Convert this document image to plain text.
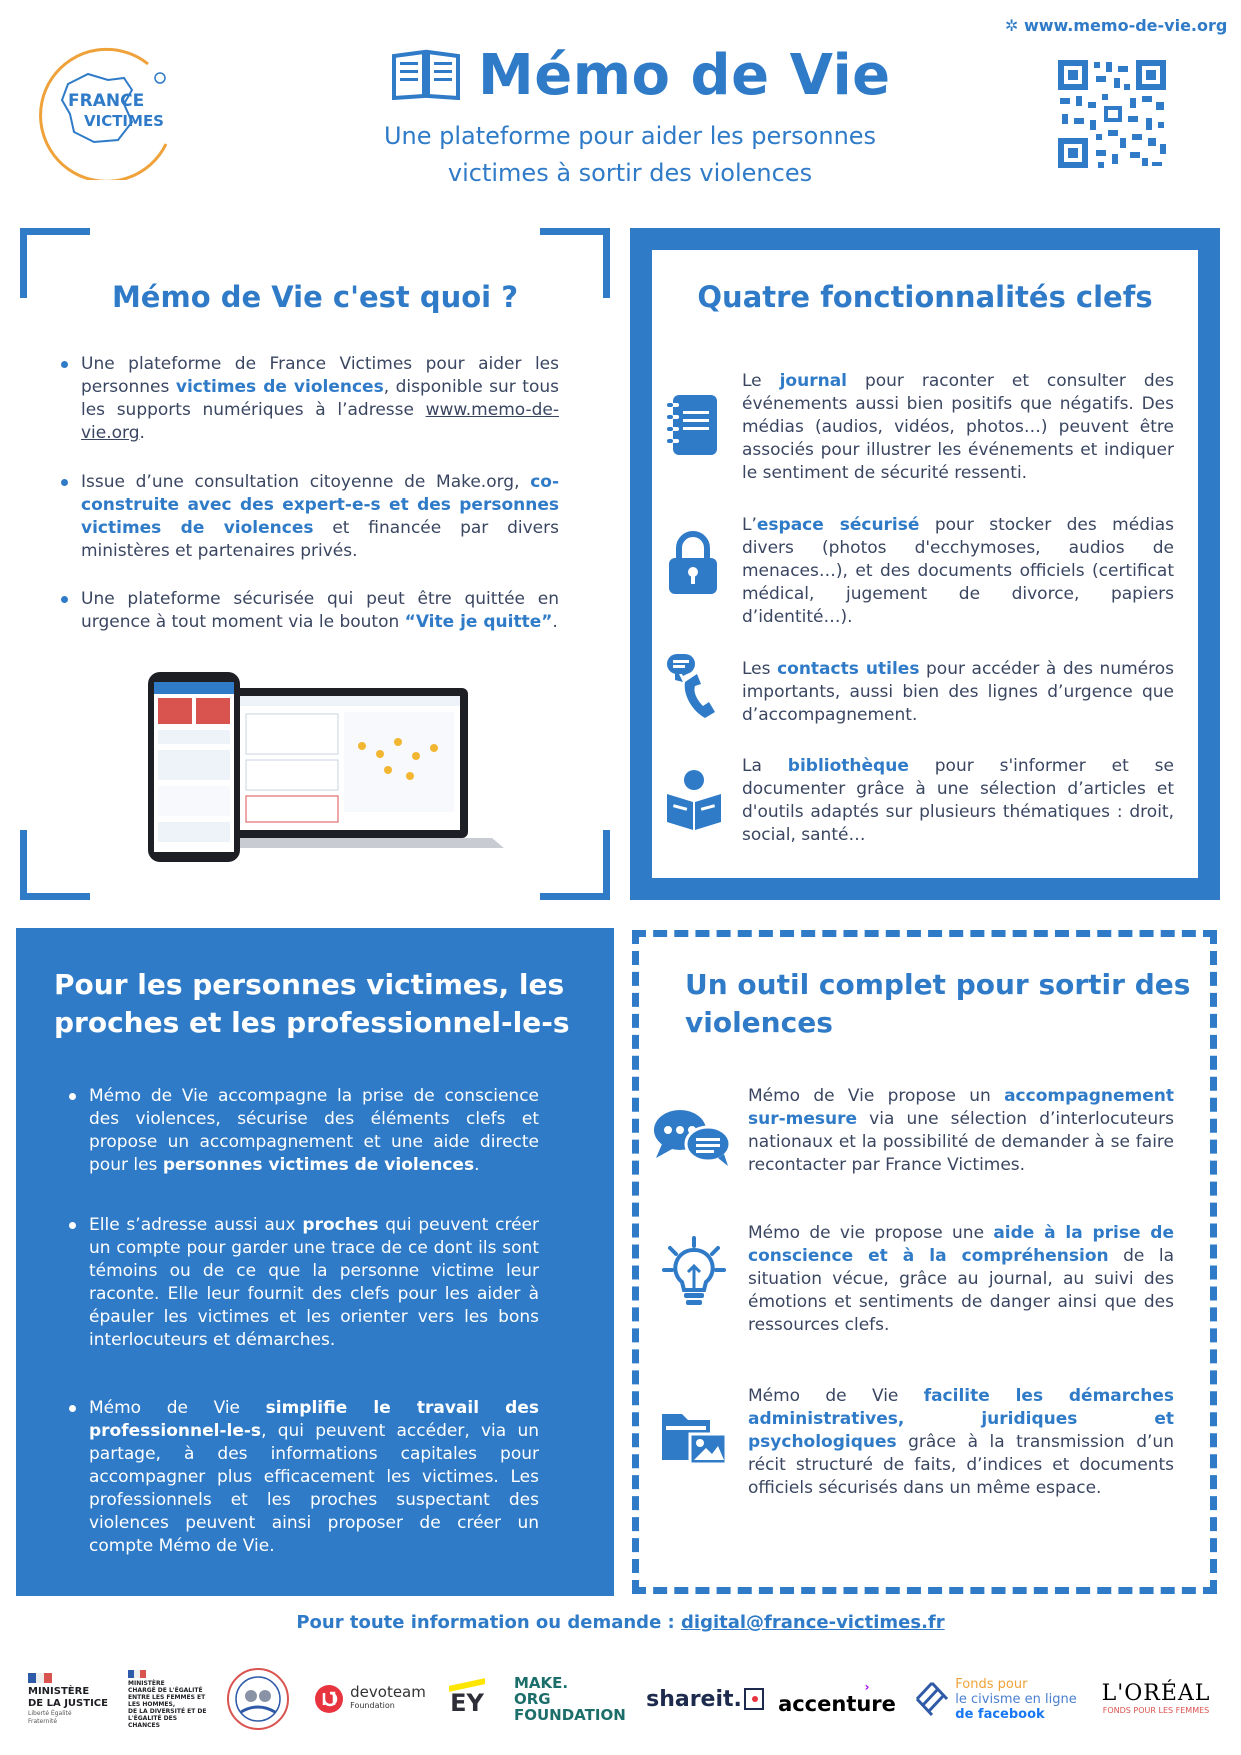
FRANCE
VICTIMES
Mémo de Vie
Une plateforme pour aider les personnes
victimes à sortir des violences
✲ www.memo-de-vie.org
Mémo de Vie c'est quoi ?
Une plateforme de France Victimes pour aider les personnes victimes de violences, disponible sur tous les supports numériques à l’adresse www.memo-de-vie.org.
Issue d’une consultation citoyenne de Make.org, co-construite avec des expert-e-s et des personnes victimes de violences et financée par divers ministères et partenaires privés.
Une plateforme sécurisée qui peut être quittée en urgence à tout moment via le bouton “Vite je quitte”.
Quatre fonctionnalités clefs
Le journal pour raconter et consulter des événements aussi bien positifs que négatifs. Des médias (audios, vidéos, photos…) peuvent être associés pour illustrer les événements et indiquer le sentiment de sécurité ressenti.
L’espace sécurisé pour stocker des médias divers (photos d'ecchymoses, audios de menaces…), et des documents officiels (certificat médical, jugement de divorce, papiers d’identité…).
Les contacts utiles pour accéder à des numéros importants, aussi bien des lignes d’urgence que d’accompagnement.
La bibliothèque pour s'informer et se documenter grâce à une sélection d’articles et d'outils adaptés sur plusieurs thématiques : droit, social, santé…
Pour les personnes victimes, les proches et les professionnel-le-s
Mémo de Vie accompagne la prise de conscience des violences, sécurise des éléments clefs et propose un accompagnement et une aide directe pour les personnes victimes de violences.
Elle s’adresse aussi aux proches qui peuvent créer un compte pour garder une trace de ce dont ils sont témoins ou de ce que la personne victime leur raconte. Elle leur fournit des clefs pour les aider à épauler les victimes et les orienter vers les bons interlocuteurs et démarches.
Mémo de Vie simplifie le travail des professionnel-le-s, qui peuvent accéder, via un partage, à des informations capitales pour accompagner plus efficacement les victimes. Les professionnels et les proches suspectant des violences peuvent ainsi proposer de créer un compte Mémo de Vie.
Un outil complet pour sortir des violences
Mémo de Vie propose un accompagnement sur-mesure via une sélection d’interlocuteurs nationaux et la possibilité de demander à se faire recontacter par France Victimes.
Mémo de vie propose une aide à la prise de conscience et à la compréhension de la situation vécue, grâce au journal, au suivi des émotions et sentiments de danger ainsi que des ressources clefs.
Mémo de Vie facilite les démarches administratives, juridiques et psychologiques grâce à la transmission d’un récit structuré de faits, d’indices et documents officiels sécurisés dans un même espace.
Pour toute information ou demande : digital@france-victimes.fr
MINISTÈRE
DE LA JUSTICE
Liberté Égalité Fraternité
MINISTÈRE
CHARGÉ DE L'ÉGALITÉ
ENTRE LES FEMMES ET
LES HOMMES,
DE LA DIVERSITÉ ET DE
L'ÉGALITÉ DES CHANCES
devoteam
Foundation	EY
MAKE.
ORG
FOUNDATION
shareit.	›
accenture
Fonds pour
le civisme en ligne
de facebook
L'ORÉAL
FONDS POUR LES FEMMES
